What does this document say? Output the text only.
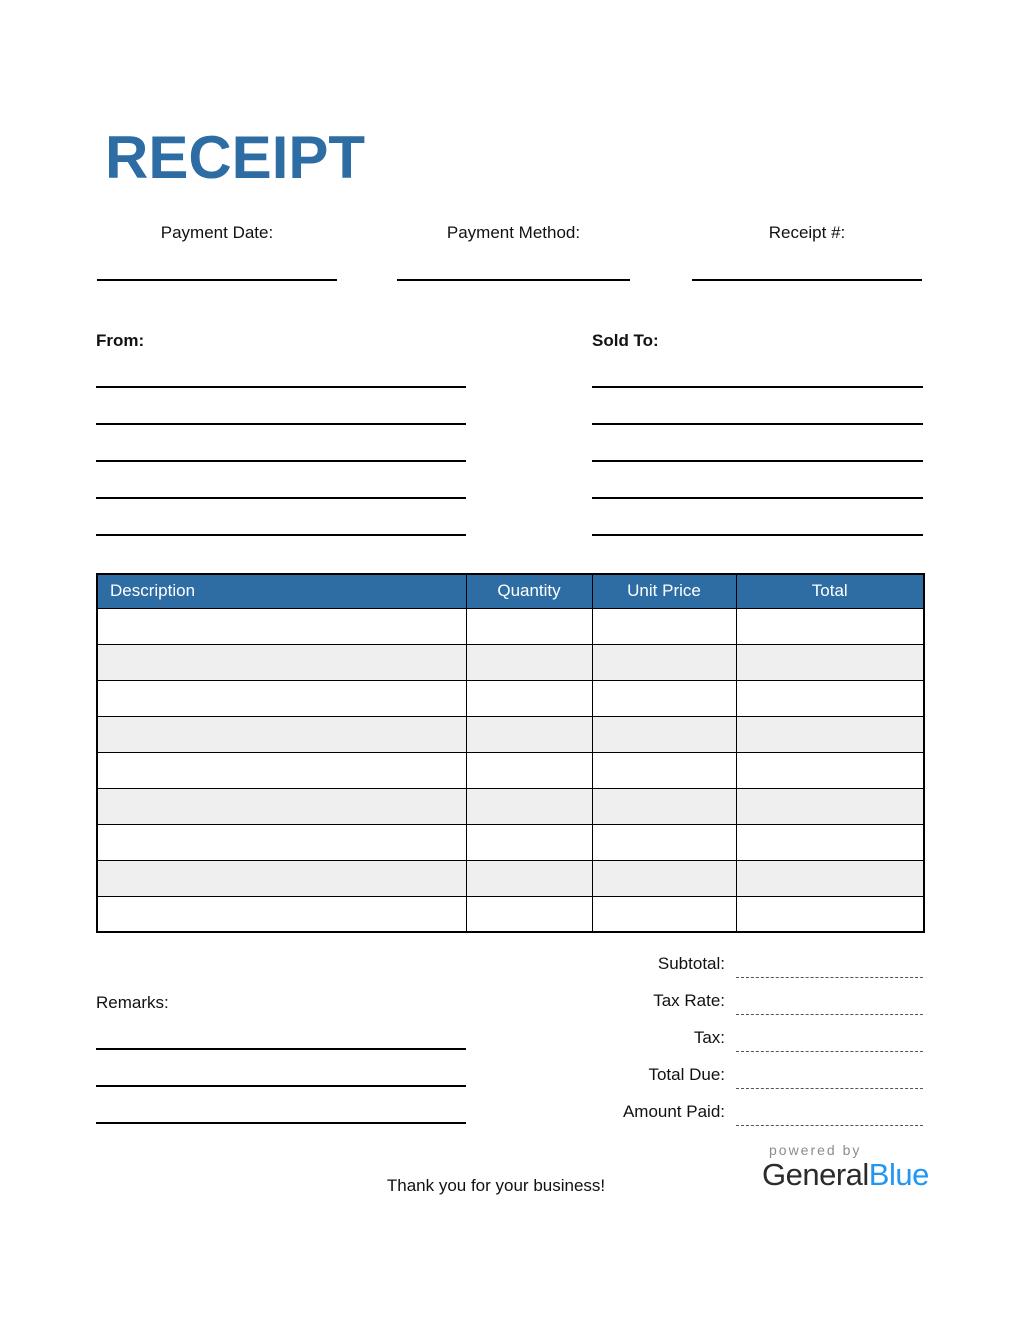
RECEIPT
Payment Date:	Payment Method:	Receipt #:
From:	Sold To:
Description	Quantity	Unit Price	Total

Subtotal:
Tax Rate:
Tax:
Total Due:
Amount Paid:
Remarks:
Thank you for your business!
powered by
GeneralBlue
